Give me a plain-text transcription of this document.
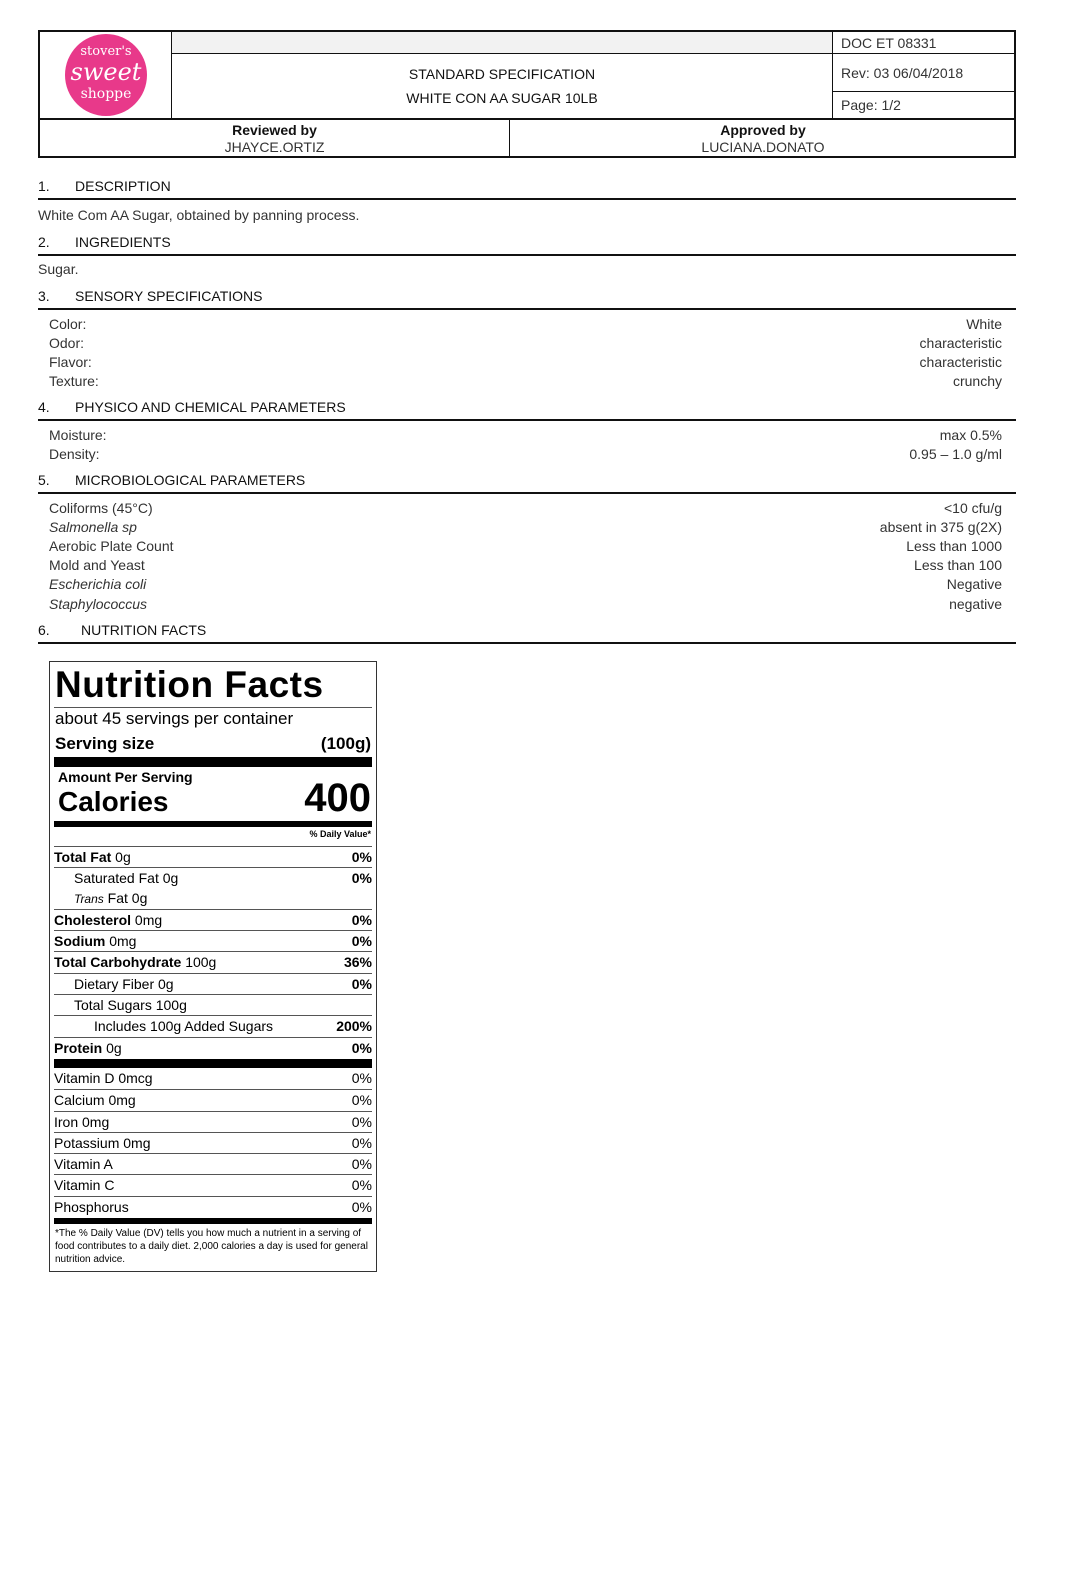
stover's
sweet
shoppe
STANDARD SPECIFICATION
WHITE CON AA SUGAR 10LB
DOC ET 08331
Rev: 03 06/04/2018
Page: 1/2
Reviewed by
JHAYCE.ORTIZ
Approved by
LUCIANA.DONATO
1. DESCRIPTION
White Com AA Sugar, obtained by panning process.
2. INGREDIENTS
Sugar.
3. SENSORY SPECIFICATIONS
Color:	White
Odor:	characteristic
Flavor:	characteristic
Texture:	crunchy
4. PHYSICO AND CHEMICAL PARAMETERS
Moisture:	max 0.5%
Density:	0.95 – 1.0 g/ml
5. MICROBIOLOGICAL PARAMETERS
Coliforms (45°C)	<10 cfu/g
Salmonella sp	absent in 375 g(2X)
Aerobic Plate Count	Less than 1000
Mold and Yeast	Less than 100
Escherichia coli	Negative
Staphylococcus	negative
6. NUTRITION FACTS
Nutrition Facts
about 45 servings per container
Serving size	(100g)
Amount Per Serving
Calories	400
% Daily Value*
Total Fat 0g	0%
Saturated Fat 0g	0%
Trans Fat 0g
Cholesterol 0mg	0%
Sodium 0mg	0%
Total Carbohydrate 100g	36%
Dietary Fiber 0g	0%
Total Sugars 100g
Includes 100g Added Sugars	200%
Protein 0g	0%
Vitamin D 0mcg	0%
Calcium 0mg	0%
Iron 0mg	0%
Potassium 0mg	0%
Vitamin A	0%
Vitamin C	0%
Phosphorus	0%
*The % Daily Value (DV) tells you how much a nutrient in a serving of food contributes to a daily diet. 2,000 calories a day is used for general nutrition advice.
